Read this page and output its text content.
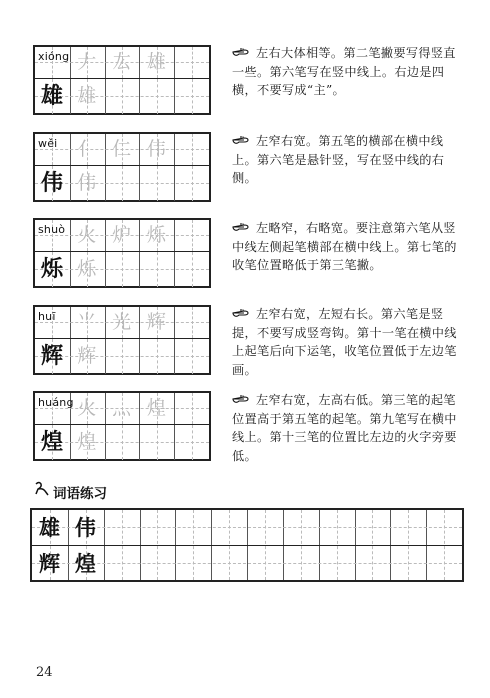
xióng 𠂇 厷 雄
雄 雄
wěi	亻 仁 伟
伟 伟
shuò 火 炉 烁
烁 烁
huī	⺌ 光 辉
辉 辉
huáng 火 灬 煌
煌 煌
词语练习
雄 伟
辉 煌
24
左右大体相等。第二笔撇要写得竖直一些。第六笔写在竖中线上。右边是四横，不要写成“主”。
左窄右宽。第五笔的横部在横中线上。第六笔是悬针竖，写在竖中线的右侧。
左略窄，右略宽。要注意第六笔从竖中线左侧起笔横部在横中线上。第七笔的收笔位置略低于第三笔撇。
左窄右宽，左短右长。第六笔是竖提，不要写成竖弯钩。第十一笔在横中线上起笔后向下运笔，收笔位置低于左边笔画。
左窄右宽，左高右低。第三笔的起笔位置高于第五笔的起笔。第九笔写在横中线上。第十三笔的位置比左边的火字旁要低。
